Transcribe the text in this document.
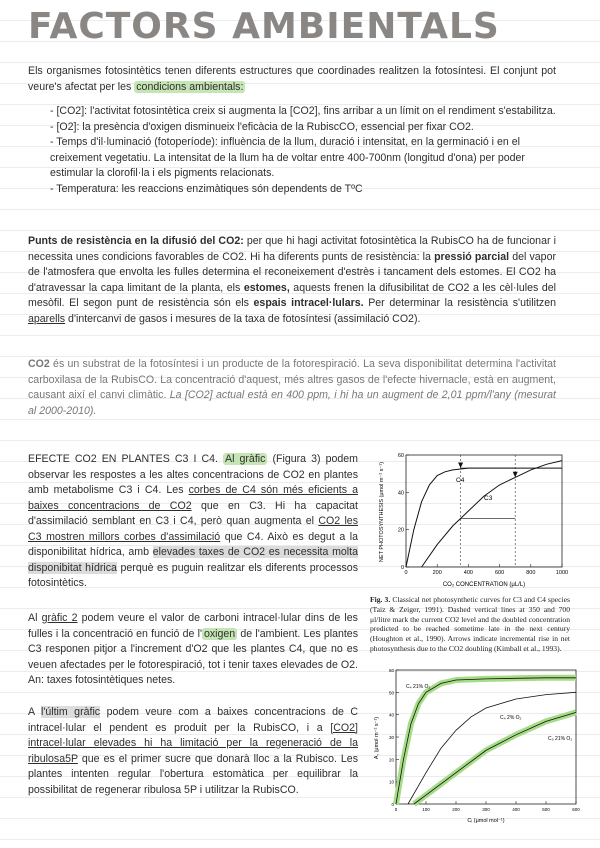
FACTORS AMBIENTALS

Els organismes fotosintètics tenen diferents estructures que coordinades realitzen la fotosíntesi. El conjunt pot veure's afectat per les condicions ambientals:

- [CO2]: l'activitat fotosintètica creix si augmenta la [CO2], fins arribar a un límit on el rendiment s'estabilitza.
- [O2]: la presència d'oxigen disminueix l'eficàcia de la RubiscCO, essencial per fixar CO2.
- Temps d'il·luminació (fotoperíode): influència de la llum, duració i intensitat, en la germinació i en el creixement vegetatiu. La intensitat de la llum ha de voltar entre 400-700nm (longitud d'ona) per poder estimular la clorofil·la i els pigments relacionats.
- Temperatura: les reaccions enzimàtiques són dependents de TºC

Punts de resistència en la difusió del CO2: per que hi hagi activitat fotosintètica la RubisCO ha de funcionar i necessita unes condicions favorables de CO2. Hi ha diferents punts de resistència: la pressió parcial del vapor de l'atmosfera que envolta les fulles determina el reconeixement d'estrès i tancament dels estomes. El CO2 ha d'atravessar la capa limitant de la planta, els estomes, aquests frenen la difusibilitat de CO2 a les cèl·lules del mesòfil. El segon punt de resistència són els espais intracel·lulars. Per determinar la resistència s'utilitzen aparells d'intercanvi de gasos i mesures de la taxa de fotosíntesi (assimilació CO2).

CO2 és un substrat de la fotosíntesi i un producte de la fotorespiració. La seva disponibilitat determina l'activitat carboxilasa de la RubisCO. La concentració d'aquest, més altres gasos de l'efecte hivernacle, està en augment, causant així el canvi climàtic. La [CO2] actual està en 400 ppm, i hi ha un augment de 2,01 ppm/l'any (mesurat al 2000-2010).

EFECTE CO2 EN PLANTES C3 I C4. Al gràfic (Figura 3) podem observar les respostes a les altes concentracions de CO2 en plantes amb metabolisme C3 i C4. Les corbes de C4 són més eficients a baixes concentracions de CO2 que en C3. Hi ha capacitat d'assimilació semblant en C3 i C4, però quan augmenta el CO2 les C3 mostren millors corbes d'assimilació que C4. Això es degut a la disponibilitat hídrica, amb elevades taxes de CO2 es necessita molta disponibitat hídrica perquè es puguin realitzar els diferents processos fotosintètics.

Al gràfic 2 podem veure el valor de carboni intracel·lular dins de les fulles i la concentració en funció de l' oxigen de l'ambient. Les plantes C3 responen pitjor a l'increment d'O2 que les plantes C4, que no es veuen afectades per le fotorespiració, tot i tenir taxes elevades de O2. An: taxes fotosintètiques netes.

A l'últim gràfic podem veure com a baixes concentracions de C intracel·lular el pendent es produit per la RubisCO, i a [CO2] intracel·lular elevades hi ha limitació per la regeneració de la ribulosa5P que es el primer sucre que donarà lloc a la Rubisco. Les plantes intenten regular l'obertura estomàtica per equilibrar la possibilitat de regenerar ribulosa 5P i utilitzar la RubisCO.

0	200	400	600	800	1000
0
20
40
60
C4
C3
CO₂ CONCENTRATION (μL/L)
NET PHOTOSYNTHESIS (μmol m⁻² s⁻¹)

Fig. 3. Classical net photosynthetic curves for C3 and C4 species (Taiz & Zeiger, 1991). Dashed vertical lines at 350 and 700 μl/litre mark the current CO2 level and the doubled concentration predicted to be reached sometime late in the next century (Houghton et al., 1990). Arrows indicate incremental rise in net photosynthesis due to the CO2 doubling (Kimball et al., 1993).

0	100	200	300	400	500	600
0
10
20
30
40
50
60
C₄ 21% O₂
C₄ 2% O₂
C₃ 21% O₂
Cᵢ (μmol mol⁻¹)
A, (μmol m⁻² s⁻¹)
